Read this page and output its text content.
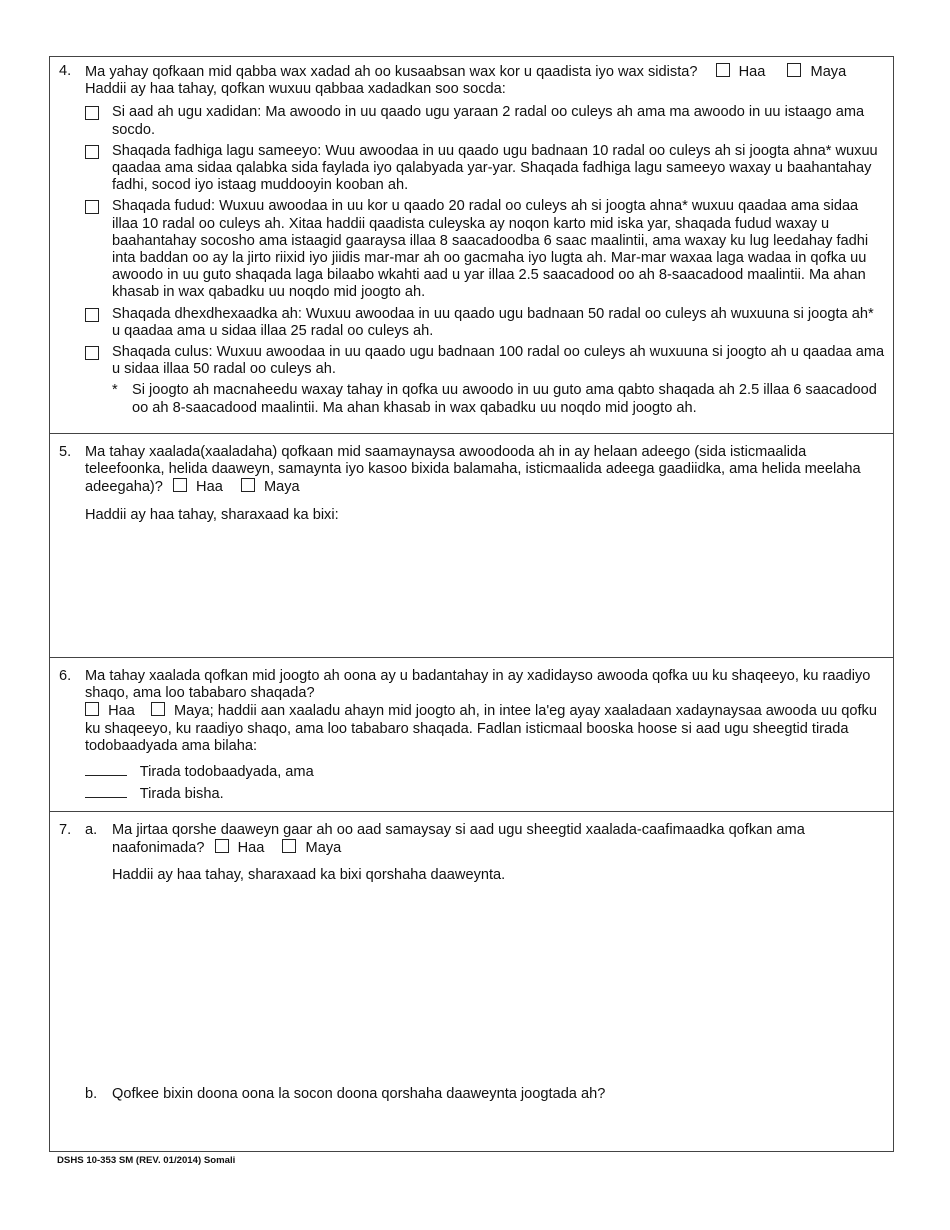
4. Ma yahay qofkaan mid qabba wax xadad ah oo kusaabsan wax kor u qaadista iyo wax sidista?	Haa	Maya

Haddii ay haa tahay, qofkan wuxuu qabbaa xadadkan soo socda:

Si aad ah ugu xadidan: Ma awoodo in uu qaado ugu yaraan 2 radal oo culeys ah ama ma awoodo in uu istaago ama socdo.
Shaqada fadhiga lagu sameeyo: Wuu awoodaa in uu qaado ugu badnaan 10 radal oo culeys ah si joogta ahna* wuxuu qaadaa ama sidaa qalabka sida faylada iyo qalabyada yar-yar. Shaqada fadhiga lagu sameeyo waxay u baahantahay fadhi, socod iyo istaag muddooyin kooban ah.
Shaqada fudud: Wuxuu awoodaa in uu kor u qaado 20 radal oo culeys ah si joogta ahna* wuxuu qaadaa ama sidaa illaa 10 radal oo culeys ah. Xitaa haddii qaadista culeyska ay noqon karto mid iska yar, shaqada fudud waxay u baahantahay socosho ama istaagid gaaraysa illaa 8 saacadoodba 6 saac maalintii, ama waxay ku lug leedahay fadhi inta baddan oo ay la jirto riixid iyo jiidis mar-mar ah oo gacmaha iyo lugta ah. Mar-mar waxaa laga wadaa in qofka uu awoodo in uu guto shaqada laga bilaabo wkahti aad u yar illaa 2.5 saacadood oo ah 8-saacadood maalintii. Ma ahan khasab in wax qabadku uu noqdo mid joogto ah.
Shaqada dhexdhexaadka ah: Wuxuu awoodaa in uu qaado ugu badnaan 50 radal oo culeys ah wuxuuna si joogta ah* u qaadaa ama u sidaa illaa 25 radal oo culeys ah.
Shaqada culus: Wuxuu awoodaa in uu qaado ugu badnaan 100 radal oo culeys ah wuxuuna si joogto ah u qaadaa ama u sidaa illaa 50 radal oo culeys ah.
* Si joogto ah macnaheedu waxay tahay in qofka uu awoodo in uu guto ama qabto shaqada ah 2.5 illaa 6 saacadood oo ah 8-saacadood maalintii. Ma ahan khasab in wax qabadku uu noqdo mid joogto ah.
5. Ma tahay xaalada(xaaladaha) qofkaan mid saamaynaysa awoodooda ah in ay helaan adeego (sida isticmaalida teleefoonka, helida daaweyn, samaynta iyo kasoo bixida balamaha, isticmaalida adeega gaadiidka, ama helida meelaha adeegaha)? Haa	Maya

Haddii ay haa tahay, sharaxaad ka bixi:

6. Ma tahay xaalada qofkan mid joogto ah oona ay u badantahay in ay xadidayso awooda qofka uu ku shaqeeyo, ku raadiyo shaqo, ama loo tababaro shaqada?

Haa	Maya; haddii aan xaaladu ahayn mid joogto ah, in intee la'eg ayay xaaladaan xadaynaysaa awooda uu qofku ku shaqeeyo, ku raadiyo shaqo, ama loo tababaro shaqada. Fadlan isticmaal booska hoose si aad ugu sheegtid tirada todobaadyada ama bilaha:

Tirada todobaadyada, ama

Tirada bisha.

7. a. Ma jirtaa qorshe daaweyn gaar ah oo aad samaysay si aad ugu sheegtid xaalada-caafimaadka qofkan ama naafonimada? Haa	Maya

Haddii ay haa tahay, sharaxaad ka bixi qorshaha daaweynta.

b. Qofkee bixin doona oona la socon doona qorshaha daaweynta joogtada ah?

DSHS 10-353 SM (REV. 01/2014) Somali
